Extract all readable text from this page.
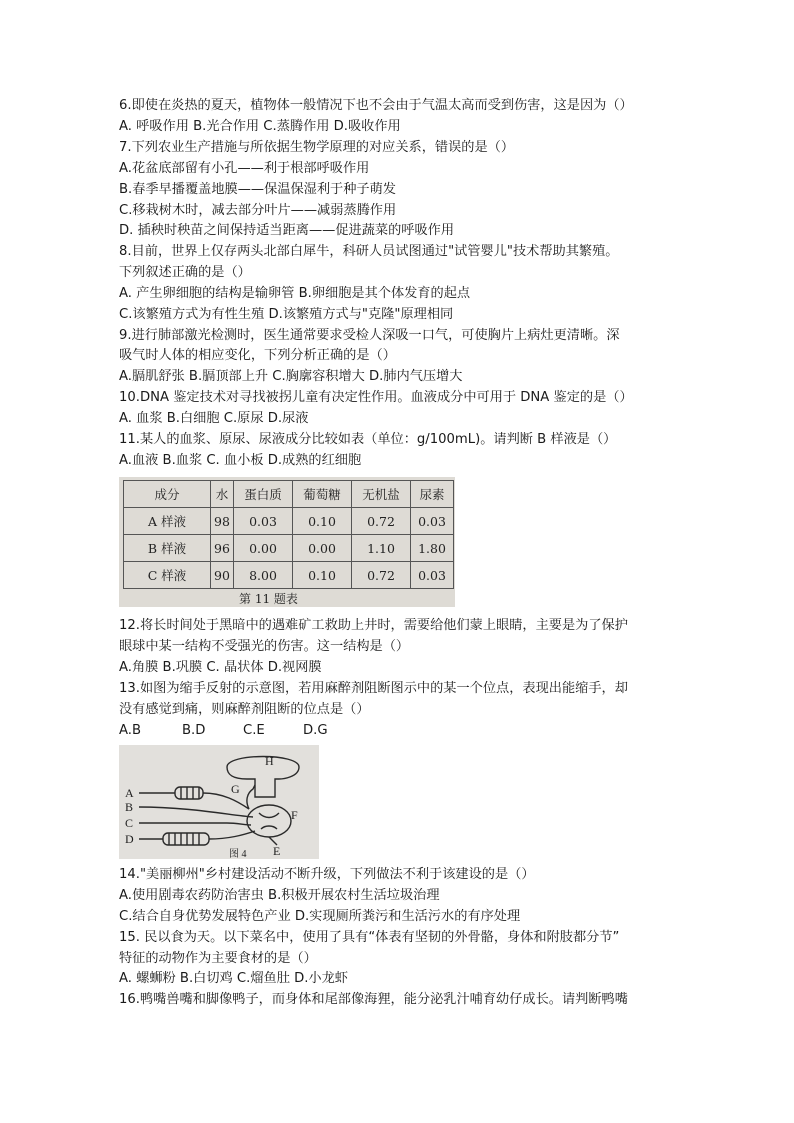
6.即使在炎热的夏天，植物体一般情况下也不会由于气温太高而受到伤害，这是因为（）
A. 呼吸作用 B.光合作用 C.蒸腾作用 D.吸收作用
7.下列农业生产措施与所依据生物学原理的对应关系，错误的是（）
A.花盆底部留有小孔——利于根部呼吸作用
B.春季早播覆盖地膜——保温保湿利于种子萌发
C.移栽树木时，减去部分叶片——减弱蒸腾作用
D. 插秧时秧苗之间保持适当距离——促进蔬菜的呼吸作用
8.目前，世界上仅存两头北部白犀牛，科研人员试图通过"试管婴儿"技术帮助其繁殖。
下列叙述正确的是（）
A. 产生卵细胞的结构是输卵管 B.卵细胞是其个体发育的起点
C.该繁殖方式为有性生殖 D.该繁殖方式与"克隆"原理相同
9.进行肺部激光检测时，医生通常要求受检人深吸一口气，可使胸片上病灶更清晰。深
吸气时人体的相应变化，下列分析正确的是（）
A.膈肌舒张 B.膈顶部上升 C.胸廓容积增大 D.肺内气压增大
10.DNA 鉴定技术对寻找被拐儿童有决定性作用。血液成分中可用于 DNA 鉴定的是（）
A. 血浆 B.白细胞 C.原尿 D.尿液
11.某人的血浆、原尿、尿液成分比较如表（单位：g/100mL)。请判断 B 样液是（）
A.血液 B.血浆 C. 血小板 D.成熟的红细胞
成分	水	蛋白质	葡萄糖	无机盐	尿素
A 样液	98	0.03	0.10	0.72	0.03
B 样液	96	0.00	0.00	1.10	1.80
C 样液	90	8.00	0.10	0.72	0.03
第 11 题表
12.将长时间处于黑暗中的遇难矿工救助上井时，需要给他们蒙上眼睛，主要是为了保护
眼球中某一结构不受强光的伤害。这一结构是（）
A.角膜 B.巩膜 C. 晶状体 D.视网膜
13.如图为缩手反射的示意图，若用麻醉剂阻断图示中的某一个位点，表现出能缩手，却
没有感觉到痛，则麻醉剂阻断的位点是（）
A.B	B.D	C.E	D.G
H
G
A
B
C
D
E
F
图 4
14."美丽柳州"乡村建设活动不断升级，下列做法不利于该建设的是（）
A.使用剧毒农药防治害虫 B.积极开展农村生活垃圾治理
C.结合自身优势发展特色产业 D.实现厕所粪污和生活污水的有序处理
15. 民以食为天。以下菜名中，使用了具有“体表有坚韧的外骨骼，身体和附肢都分节”
特征的动物作为主要食材的是（）
A. 螺蛳粉 B.白切鸡 C.熘鱼肚 D.小龙虾
16.鸭嘴兽嘴和脚像鸭子，而身体和尾部像海狸，能分泌乳汁哺育幼仔成长。请判断鸭嘴
